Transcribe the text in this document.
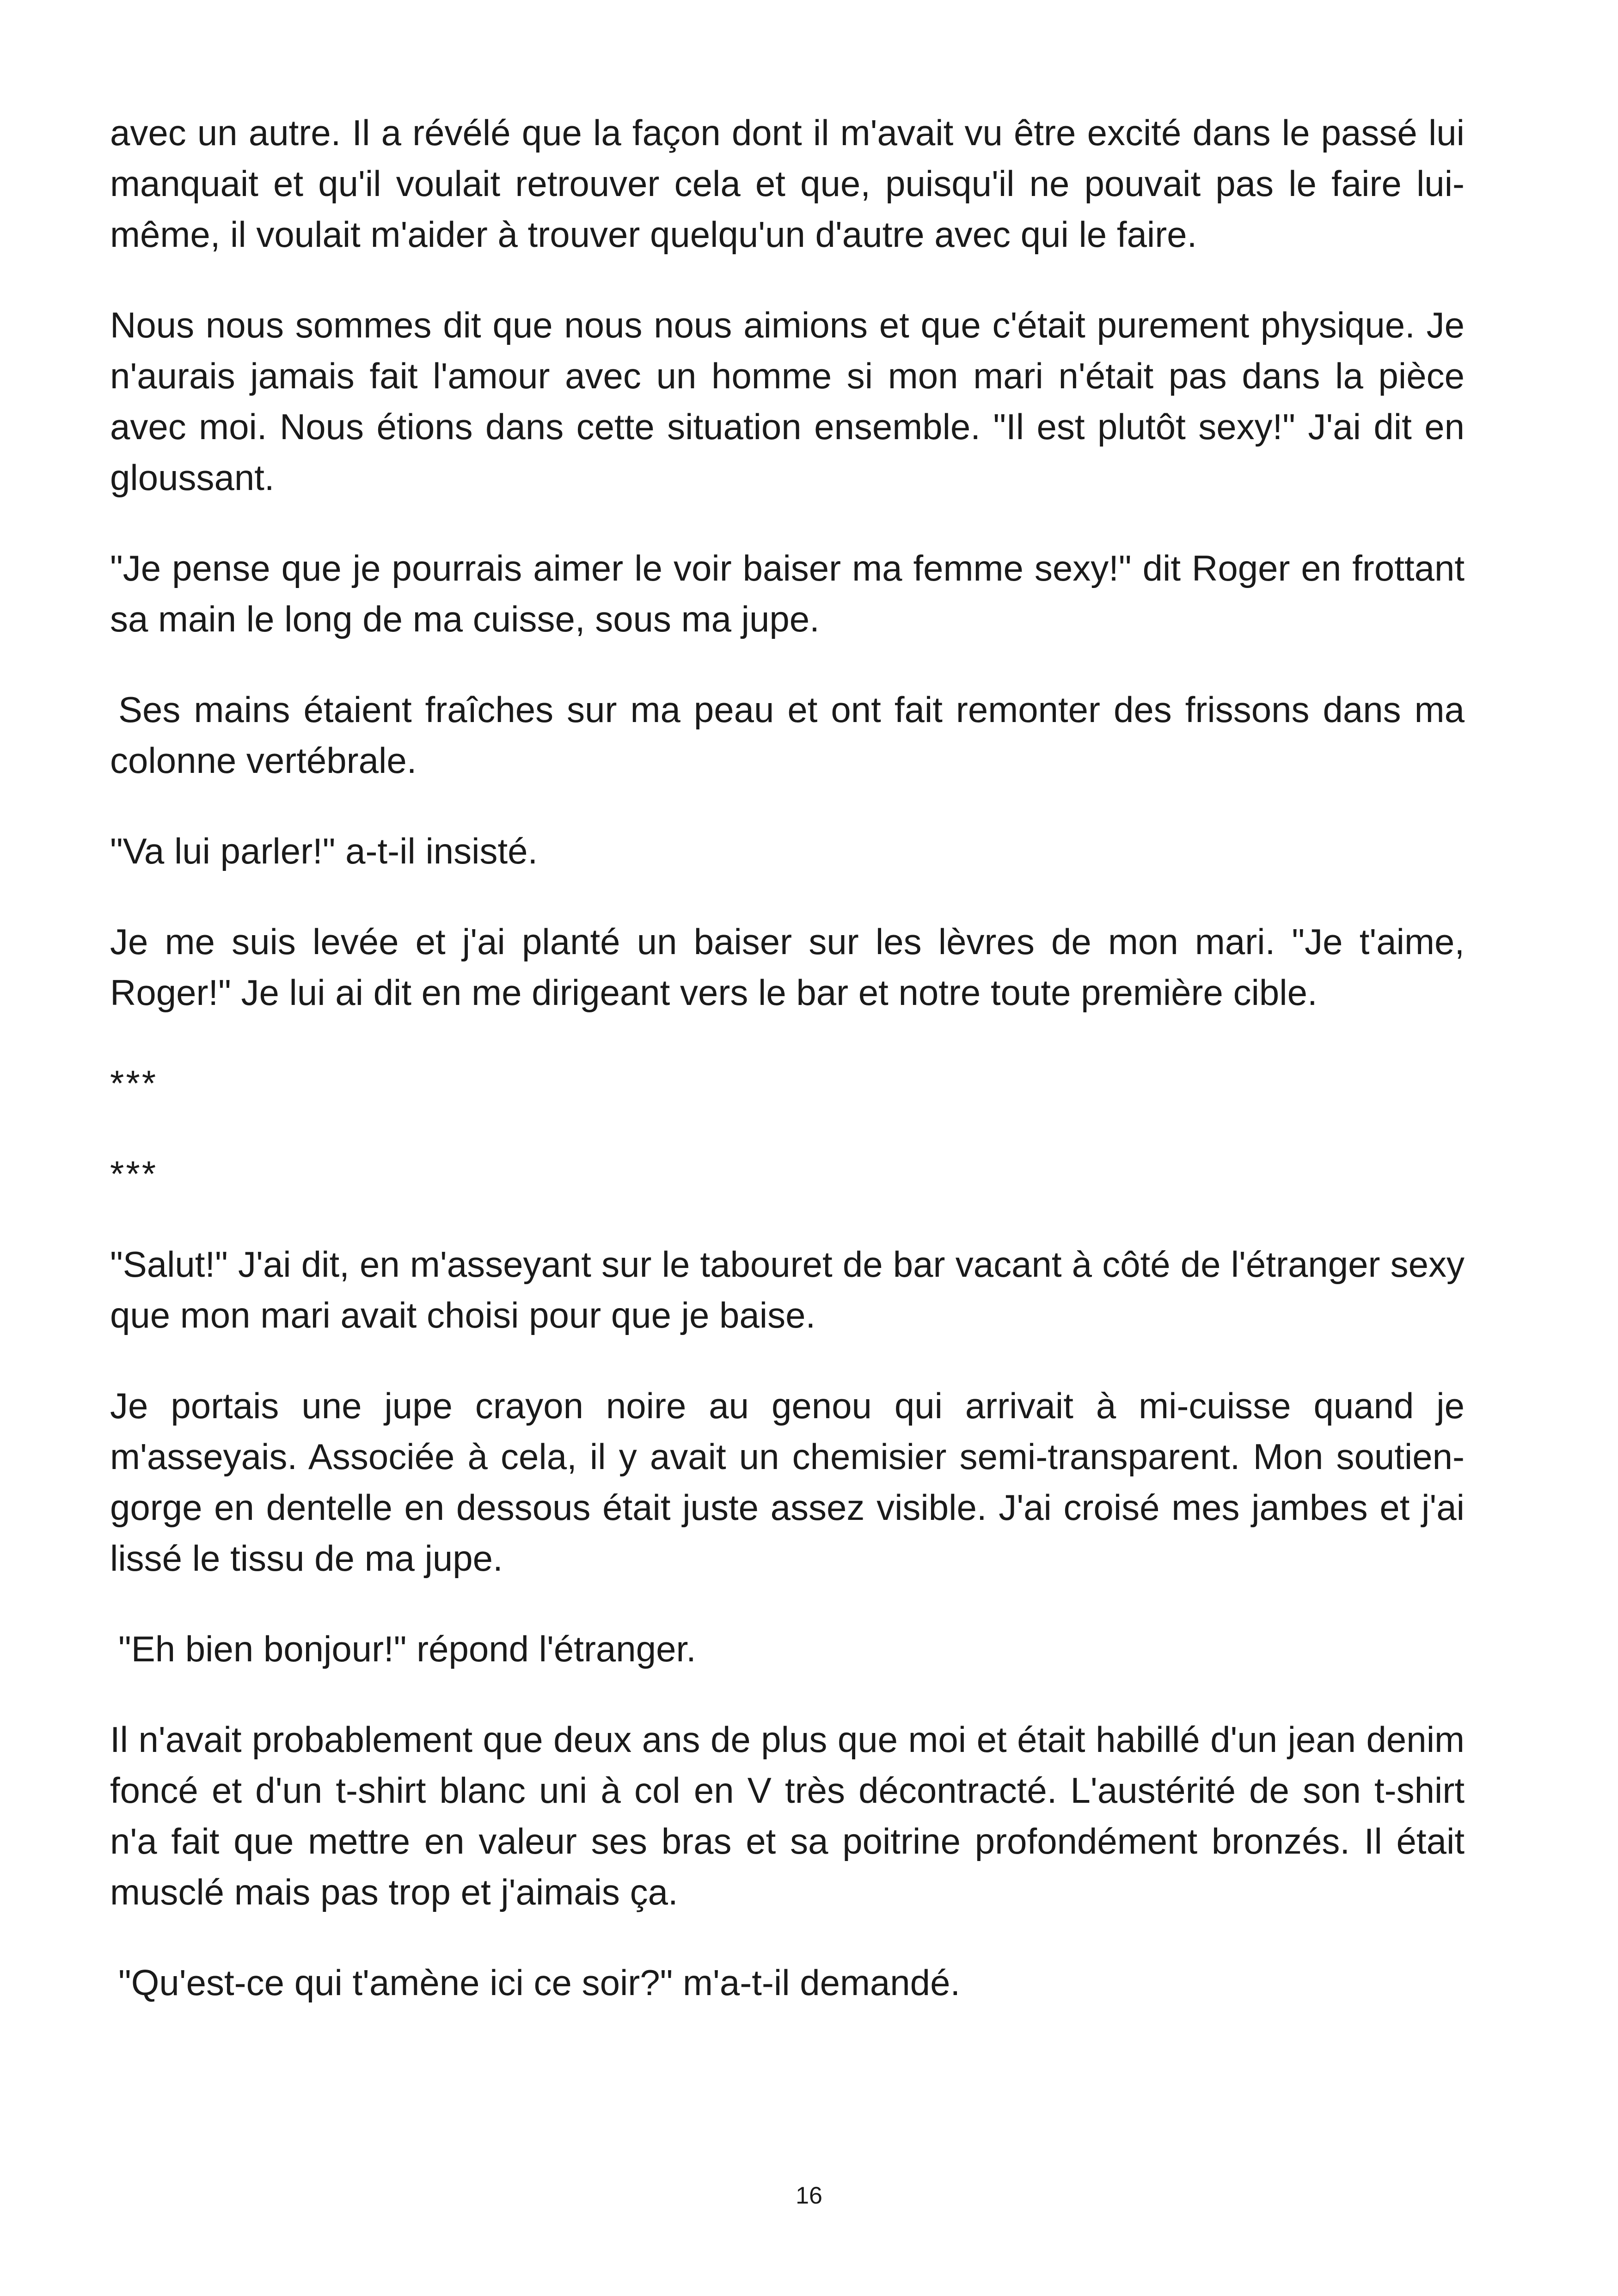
avec un autre. Il a révélé que la façon dont il m'avait vu être excité dans le passé lui manquait et qu'il voulait retrouver cela et que, puisqu'il ne pouvait pas le faire lui-même, il voulait m'aider à trouver quelqu'un d'autre avec qui le faire.

Nous nous sommes dit que nous nous aimions et que c'était purement physique. Je n'aurais jamais fait l'amour avec un homme si mon mari n'était pas dans la pièce avec moi. Nous étions dans cette situation ensemble. "Il est plutôt sexy!" J'ai dit en gloussant.

"Je pense que je pourrais aimer le voir baiser ma femme sexy!" dit Roger en frottant sa main le long de ma cuisse, sous ma jupe.

Ses mains étaient fraîches sur ma peau et ont fait remonter des frissons dans ma colonne vertébrale.

"Va lui parler!" a-t-il insisté.

Je me suis levée et j'ai planté un baiser sur les lèvres de mon mari. "Je t'aime, Roger!" Je lui ai dit en me dirigeant vers le bar et notre toute première cible.

***

***

"Salut!" J'ai dit, en m'asseyant sur le tabouret de bar vacant à côté de l'étranger sexy que mon mari avait choisi pour que je baise.

Je portais une jupe crayon noire au genou qui arrivait à mi-cuisse quand je m'asseyais. Associée à cela, il y avait un chemisier semi-transparent. Mon soutien-gorge en dentelle en dessous était juste assez visible. J'ai croisé mes jambes et j'ai lissé le tissu de ma jupe.

"Eh bien bonjour!" répond l'étranger.

Il n'avait probablement que deux ans de plus que moi et était habillé d'un jean denim foncé et d'un t-shirt blanc uni à col en V très décontracté. L'austérité de son t-shirt n'a fait que mettre en valeur ses bras et sa poitrine profondément bronzés. Il était musclé mais pas trop et j'aimais ça.

"Qu'est-ce qui t'amène ici ce soir?" m'a-t-il demandé.

16
